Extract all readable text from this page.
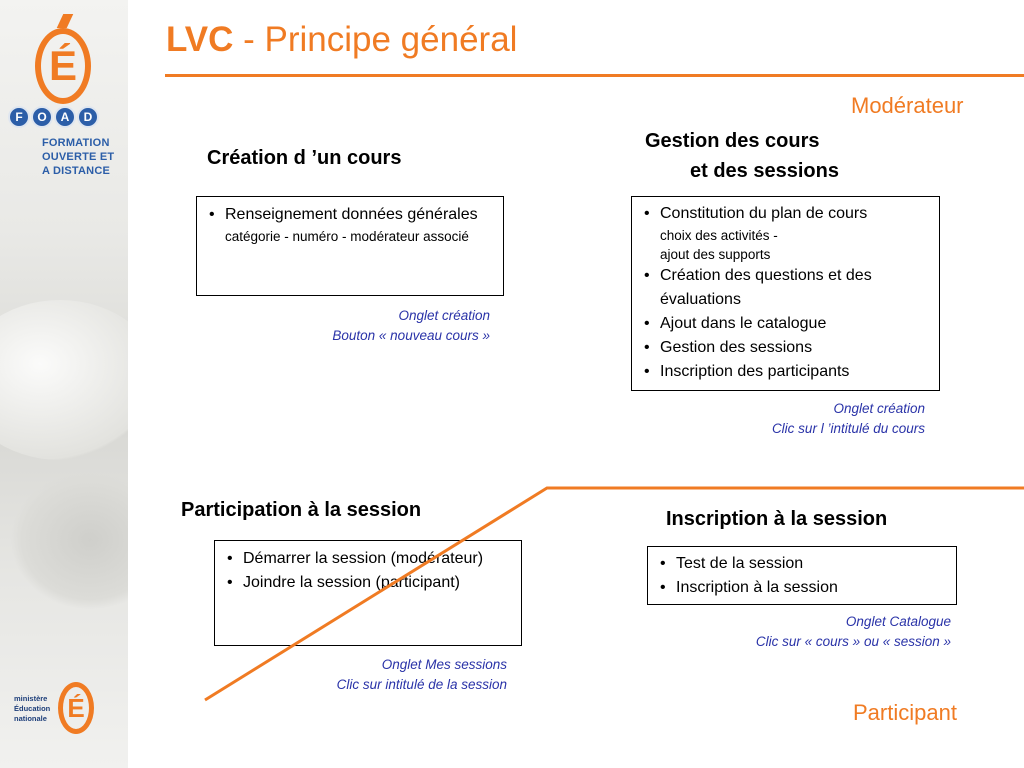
É
F	O	A	D
FORMATION
OUVERTE ET
A DISTANCE
ministère
Éducation
nationale É
LVC - Principe général
Modérateur
Participant
Création d ’un cours
• Renseignement données générales
catégorie - numéro - modérateur associé
Onglet création
Bouton « nouveau cours »
Gestion des cours
et des sessions
• Constitution du plan de cours
choix des activités -
ajout des supports
• Création des questions et des évaluations
• Ajout dans le catalogue
• Gestion des sessions
• Inscription des participants
Onglet création
Clic sur l ’intitulé du cours
Participation à la session
• Démarrer la session (modérateur)
• Joindre la session (participant)
Onglet Mes sessions
Clic sur intitulé de la session
Inscription à la session
• Test de la session
• Inscription à la session
Onglet Catalogue
Clic sur « cours » ou « session »
